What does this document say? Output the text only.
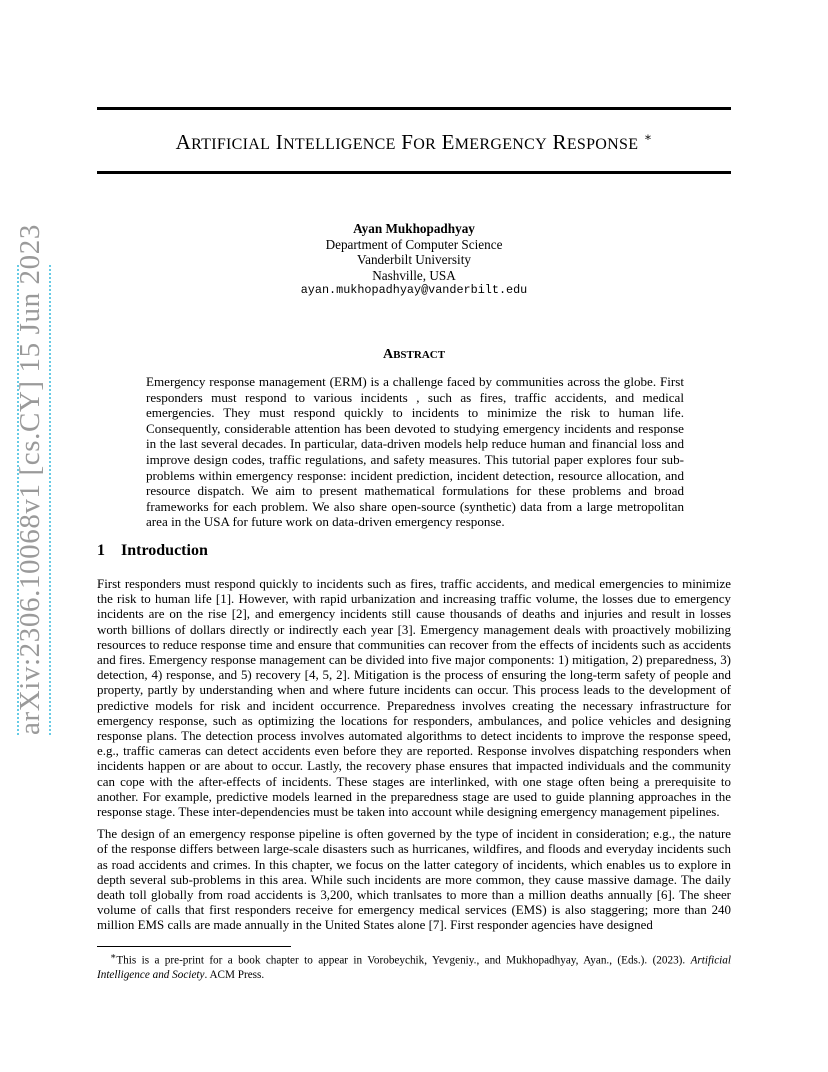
arXiv:2306.10068v1 [cs.CY] 15 Jun 2023
ARTIFICIAL INTELLIGENCE FOR EMERGENCY RESPONSE ∗
Ayan Mukhopadhyay
Department of Computer Science
Vanderbilt University
Nashville, USA
ayan.mukhopadhyay@vanderbilt.edu
ABSTRACT

Emergency response management (ERM) is a challenge faced by communities across the globe. First responders must respond to various incidents , such as fires, traffic accidents, and medical emergencies. They must respond quickly to incidents to minimize the risk to human life. Consequently, considerable attention has been devoted to studying emergency incidents and response in the last several decades. In particular, data-driven models help reduce human and financial loss and improve design codes, traffic regulations, and safety measures. This tutorial paper explores four sub-problems within emergency response: incident prediction, incident detection, resource allocation, and resource dispatch. We aim to present mathematical formulations for these problems and broad frameworks for each problem. We also share open-source (synthetic) data from a large metropolitan area in the USA for future work on data-driven emergency response.

1 Introduction

First responders must respond quickly to incidents such as fires, traffic accidents, and medical emergencies to minimize the risk to human life [1]. However, with rapid urbanization and increasing traffic volume, the losses due to emergency incidents are on the rise [2], and emergency incidents still cause thousands of deaths and injuries and result in losses worth billions of dollars directly or indirectly each year [3]. Emergency management deals with proactively mobilizing resources to reduce response time and ensure that communities can recover from the effects of incidents such as accidents and fires. Emergency response management can be divided into five major components: 1) mitigation, 2) preparedness, 3) detection, 4) response, and 5) recovery [4, 5, 2]. Mitigation is the process of ensuring the long-term safety of people and property, partly by understanding when and where future incidents can occur. This process leads to the development of predictive models for risk and incident occurrence. Preparedness involves creating the necessary infrastructure for emergency response, such as optimizing the locations for responders, ambulances, and police vehicles and designing response plans. The detection process involves automated algorithms to detect incidents to improve the response speed, e.g., traffic cameras can detect accidents even before they are reported. Response involves dispatching responders when incidents happen or are about to occur. Lastly, the recovery phase ensures that impacted individuals and the community can cope with the after-effects of incidents. These stages are interlinked, with one stage often being a prerequisite to another. For example, predictive models learned in the preparedness stage are used to guide planning approaches in the response stage. These inter-dependencies must be taken into account while designing emergency management pipelines.

The design of an emergency response pipeline is often governed by the type of incident in consideration; e.g., the nature of the response differs between large-scale disasters such as hurricanes, wildfires, and floods and everyday incidents such as road accidents and crimes. In this chapter, we focus on the latter category of incidents, which enables us to explore in depth several sub-problems in this area. While such incidents are more common, they cause massive damage. The daily death toll globally from road accidents is 3,200, which tranlsates to more than a million deaths annually [6]. The sheer volume of calls that first responders receive for emergency medical services (EMS) is also staggering; more than 240 million EMS calls are made annually in the United States alone [7]. First responder agencies have designed

∗This is a pre-print for a book chapter to appear in Vorobeychik, Yevgeniy., and Mukhopadhyay, Ayan., (Eds.). (2023). Artificial Intelligence and Society. ACM Press.
